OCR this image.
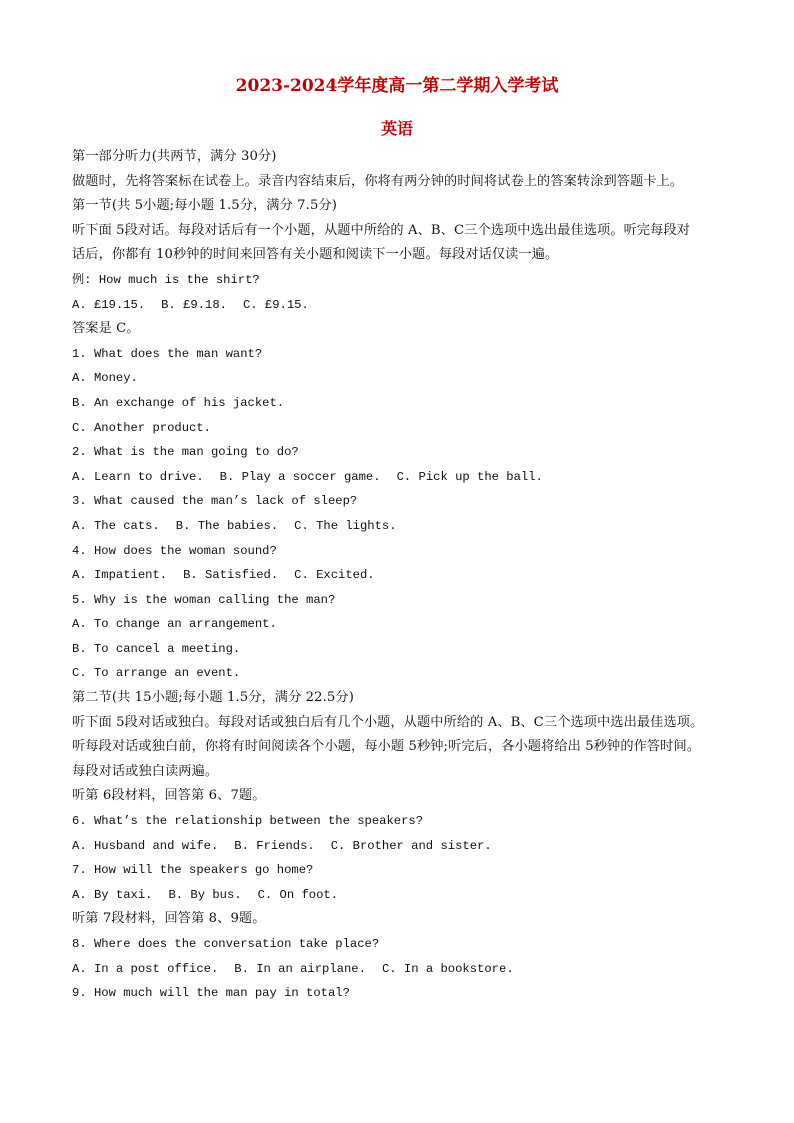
2023-2024学年度高一第二学期入学考试
英语
第一部分听力(共两节，满分 30分)
做题时，先将答案标在试卷上。录音内容结束后，你将有两分钟的时间将试卷上的答案转涂到答题卡上。
第一节(共 5小题;每小题 1.5分，满分 7.5分)
听下面 5段对话。每段对话后有一个小题，从题中所给的 A、B、C三个选项中选出最佳选项。听完每段对
话后，你都有 10秒钟的时间来回答有关小题和阅读下一小题。每段对话仅读一遍。
例: How much is the shirt?
A. £19.15. B. £9.18. C. £9.15.
答案是 C。
1. What does the man want?
A. Money.
B. An exchange of his jacket.
C. Another product.
2. What is the man going to do?
A. Learn to drive. B. Play a soccer game. C. Pick up the ball.
3. What caused the man’s lack of sleep?
A. The cats. B. The babies. C. The lights.
4. How does the woman sound?
A. Impatient. B. Satisfied. C. Excited.
5. Why is the woman calling the man?
A. To change an arrangement.
B. To cancel a meeting.
C. To arrange an event.
第二节(共 15小题;每小题 1.5分，满分 22.5分)
听下面 5段对话或独白。每段对话或独白后有几个小题，从题中所给的 A、B、C三个选项中选出最佳选项。
听每段对话或独白前，你将有时间阅读各个小题，每小题 5秒钟;听完后，各小题将给出 5秒钟的作答时间。
每段对话或独白读两遍。
听第 6段材料，回答第 6、7题。
6. What’s the relationship between the speakers?
A. Husband and wife. B. Friends. C. Brother and sister.
7. How will the speakers go home?
A. By taxi. B. By bus. C. On foot.
听第 7段材料，回答第 8、9题。
8. Where does the conversation take place?
A. In a post office. B. In an airplane. C. In a bookstore.
9. How much will the man pay in total?
